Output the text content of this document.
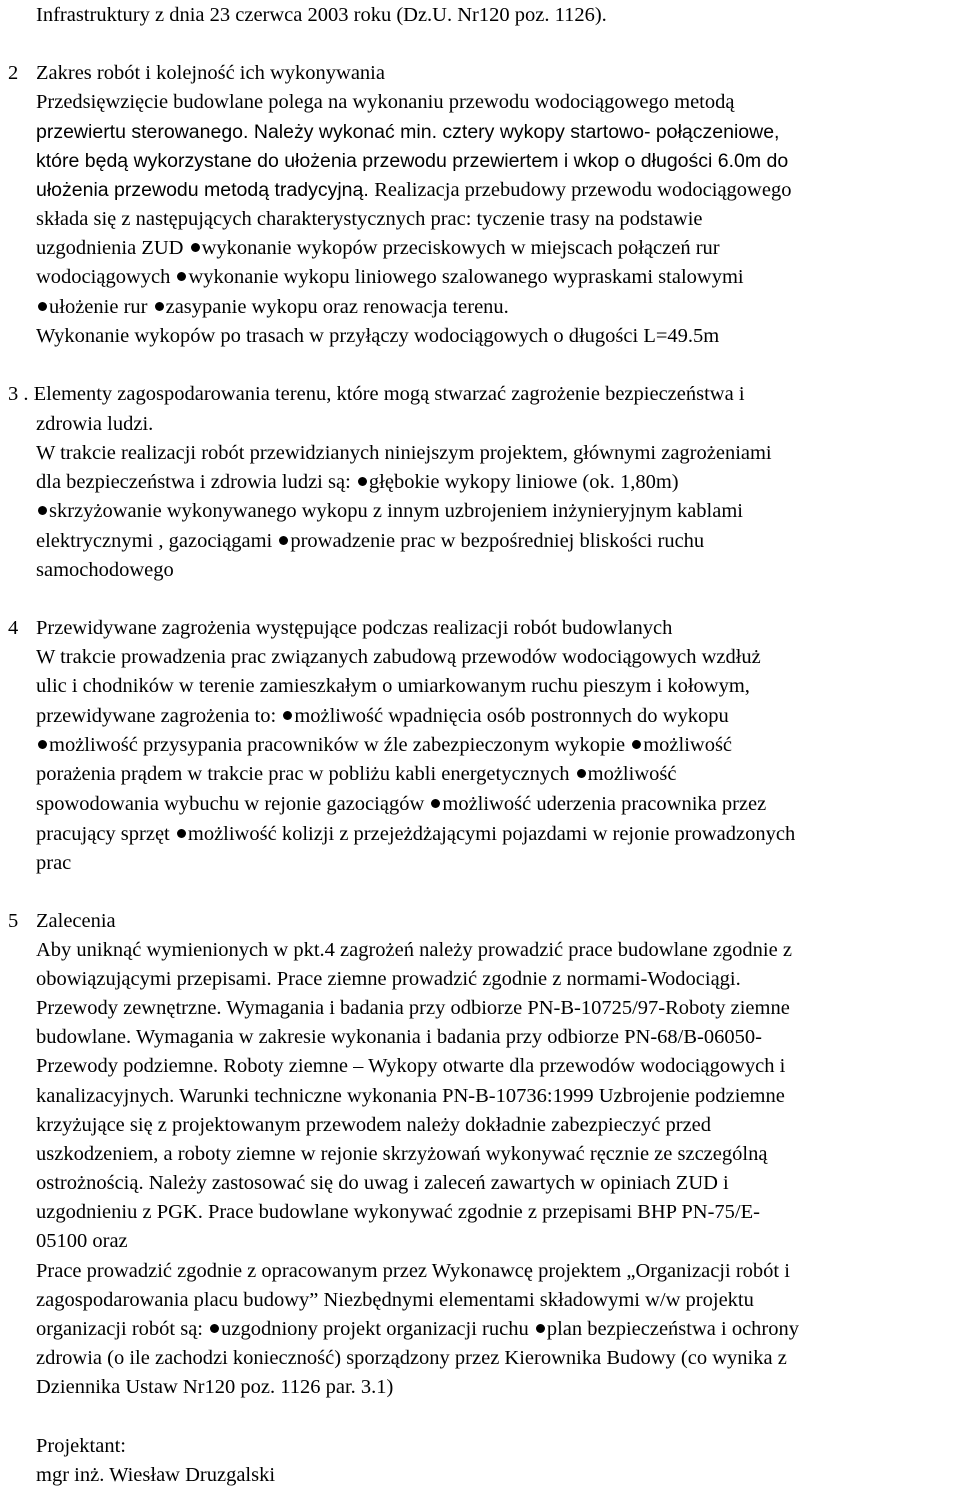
Infrastruktury z dnia 23 czerwca 2003 roku (Dz.U. Nr120 poz. 1126).
2 Zakres robót i kolejność ich wykonywania
Przedsięwzięcie budowlane polega na wykonaniu przewodu wodociągowego metodą
przewiertu sterowanego. Należy wykonać min. cztery wykopy startowo- połączeniowe,
które będą wykorzystane do ułożenia przewodu przewiertem i wkop o długości 6.0m do
ułożenia przewodu metodą tradycyjną. Realizacja przebudowy przewodu wodociągowego
składa się z następujących charakterystycznych prac: tyczenie trasy na podstawie
uzgodnienia ZUD wykonanie wykopów przeciskowych w miejscach połączeń rur
wodociągowych wykonanie wykopu liniowego szalowanego wypraskami stalowymi
ułożenie rur zasypanie wykopu oraz renowacja terenu.
Wykonanie wykopów po trasach w przyłączy wodociągowych o długości L=49.5m
3 . Elementy zagospodarowania terenu, które mogą stwarzać zagrożenie bezpieczeństwa i
zdrowia ludzi.
W trakcie realizacji robót przewidzianych niniejszym projektem, głównymi zagrożeniami
dla bezpieczeństwa i zdrowia ludzi są: głębokie wykopy liniowe (ok. 1,80m)
skrzyżowanie wykonywanego wykopu z innym uzbrojeniem inżynieryjnym kablami
elektrycznymi , gazociągami prowadzenie prac w bezpośredniej bliskości ruchu
samochodowego
4 Przewidywane zagrożenia występujące podczas realizacji robót budowlanych
W trakcie prowadzenia prac związanych zabudową przewodów wodociągowych wzdłuż
ulic i chodników w terenie zamieszkałym o umiarkowanym ruchu pieszym i kołowym,
przewidywane zagrożenia to: możliwość wpadnięcia osób postronnych do wykopu
możliwość przysypania pracowników w źle zabezpieczonym wykopie możliwość
porażenia prądem w trakcie prac w pobliżu kabli energetycznych możliwość
spowodowania wybuchu w rejonie gazociągów możliwość uderzenia pracownika przez
pracujący sprzęt możliwość kolizji z przejeżdżającymi pojazdami w rejonie prowadzonych
prac
5 Zalecenia
Aby uniknąć wymienionych w pkt.4 zagrożeń należy prowadzić prace budowlane zgodnie z
obowiązującymi przepisami. Prace ziemne prowadzić zgodnie z normami-Wodociągi.
Przewody zewnętrzne. Wymagania i badania przy odbiorze PN-B-10725/97-Roboty ziemne
budowlane. Wymagania w zakresie wykonania i badania przy odbiorze PN-68/B-06050-
Przewody podziemne. Roboty ziemne – Wykopy otwarte dla przewodów wodociągowych i
kanalizacyjnych. Warunki techniczne wykonania PN-B-10736:1999 Uzbrojenie podziemne
krzyżujące się z projektowanym przewodem należy dokładnie zabezpieczyć przed
uszkodzeniem, a roboty ziemne w rejonie skrzyżowań wykonywać ręcznie ze szczególną
ostrożnością. Należy zastosować się do uwag i zaleceń zawartych w opiniach ZUD i
uzgodnieniu z PGK. Prace budowlane wykonywać zgodnie z przepisami BHP PN-75/E-
05100 oraz
Prace prowadzić zgodnie z opracowanym przez Wykonawcę projektem „Organizacji robót i
zagospodarowania placu budowy” Niezbędnymi elementami składowymi w/w projektu
organizacji robót są: uzgodniony projekt organizacji ruchu plan bezpieczeństwa i ochrony
zdrowia (o ile zachodzi konieczność) sporządzony przez Kierownika Budowy (co wynika z
Dziennika Ustaw Nr120 poz. 1126 par. 3.1)
Projektant:
mgr inż. Wiesław Druzgalski
